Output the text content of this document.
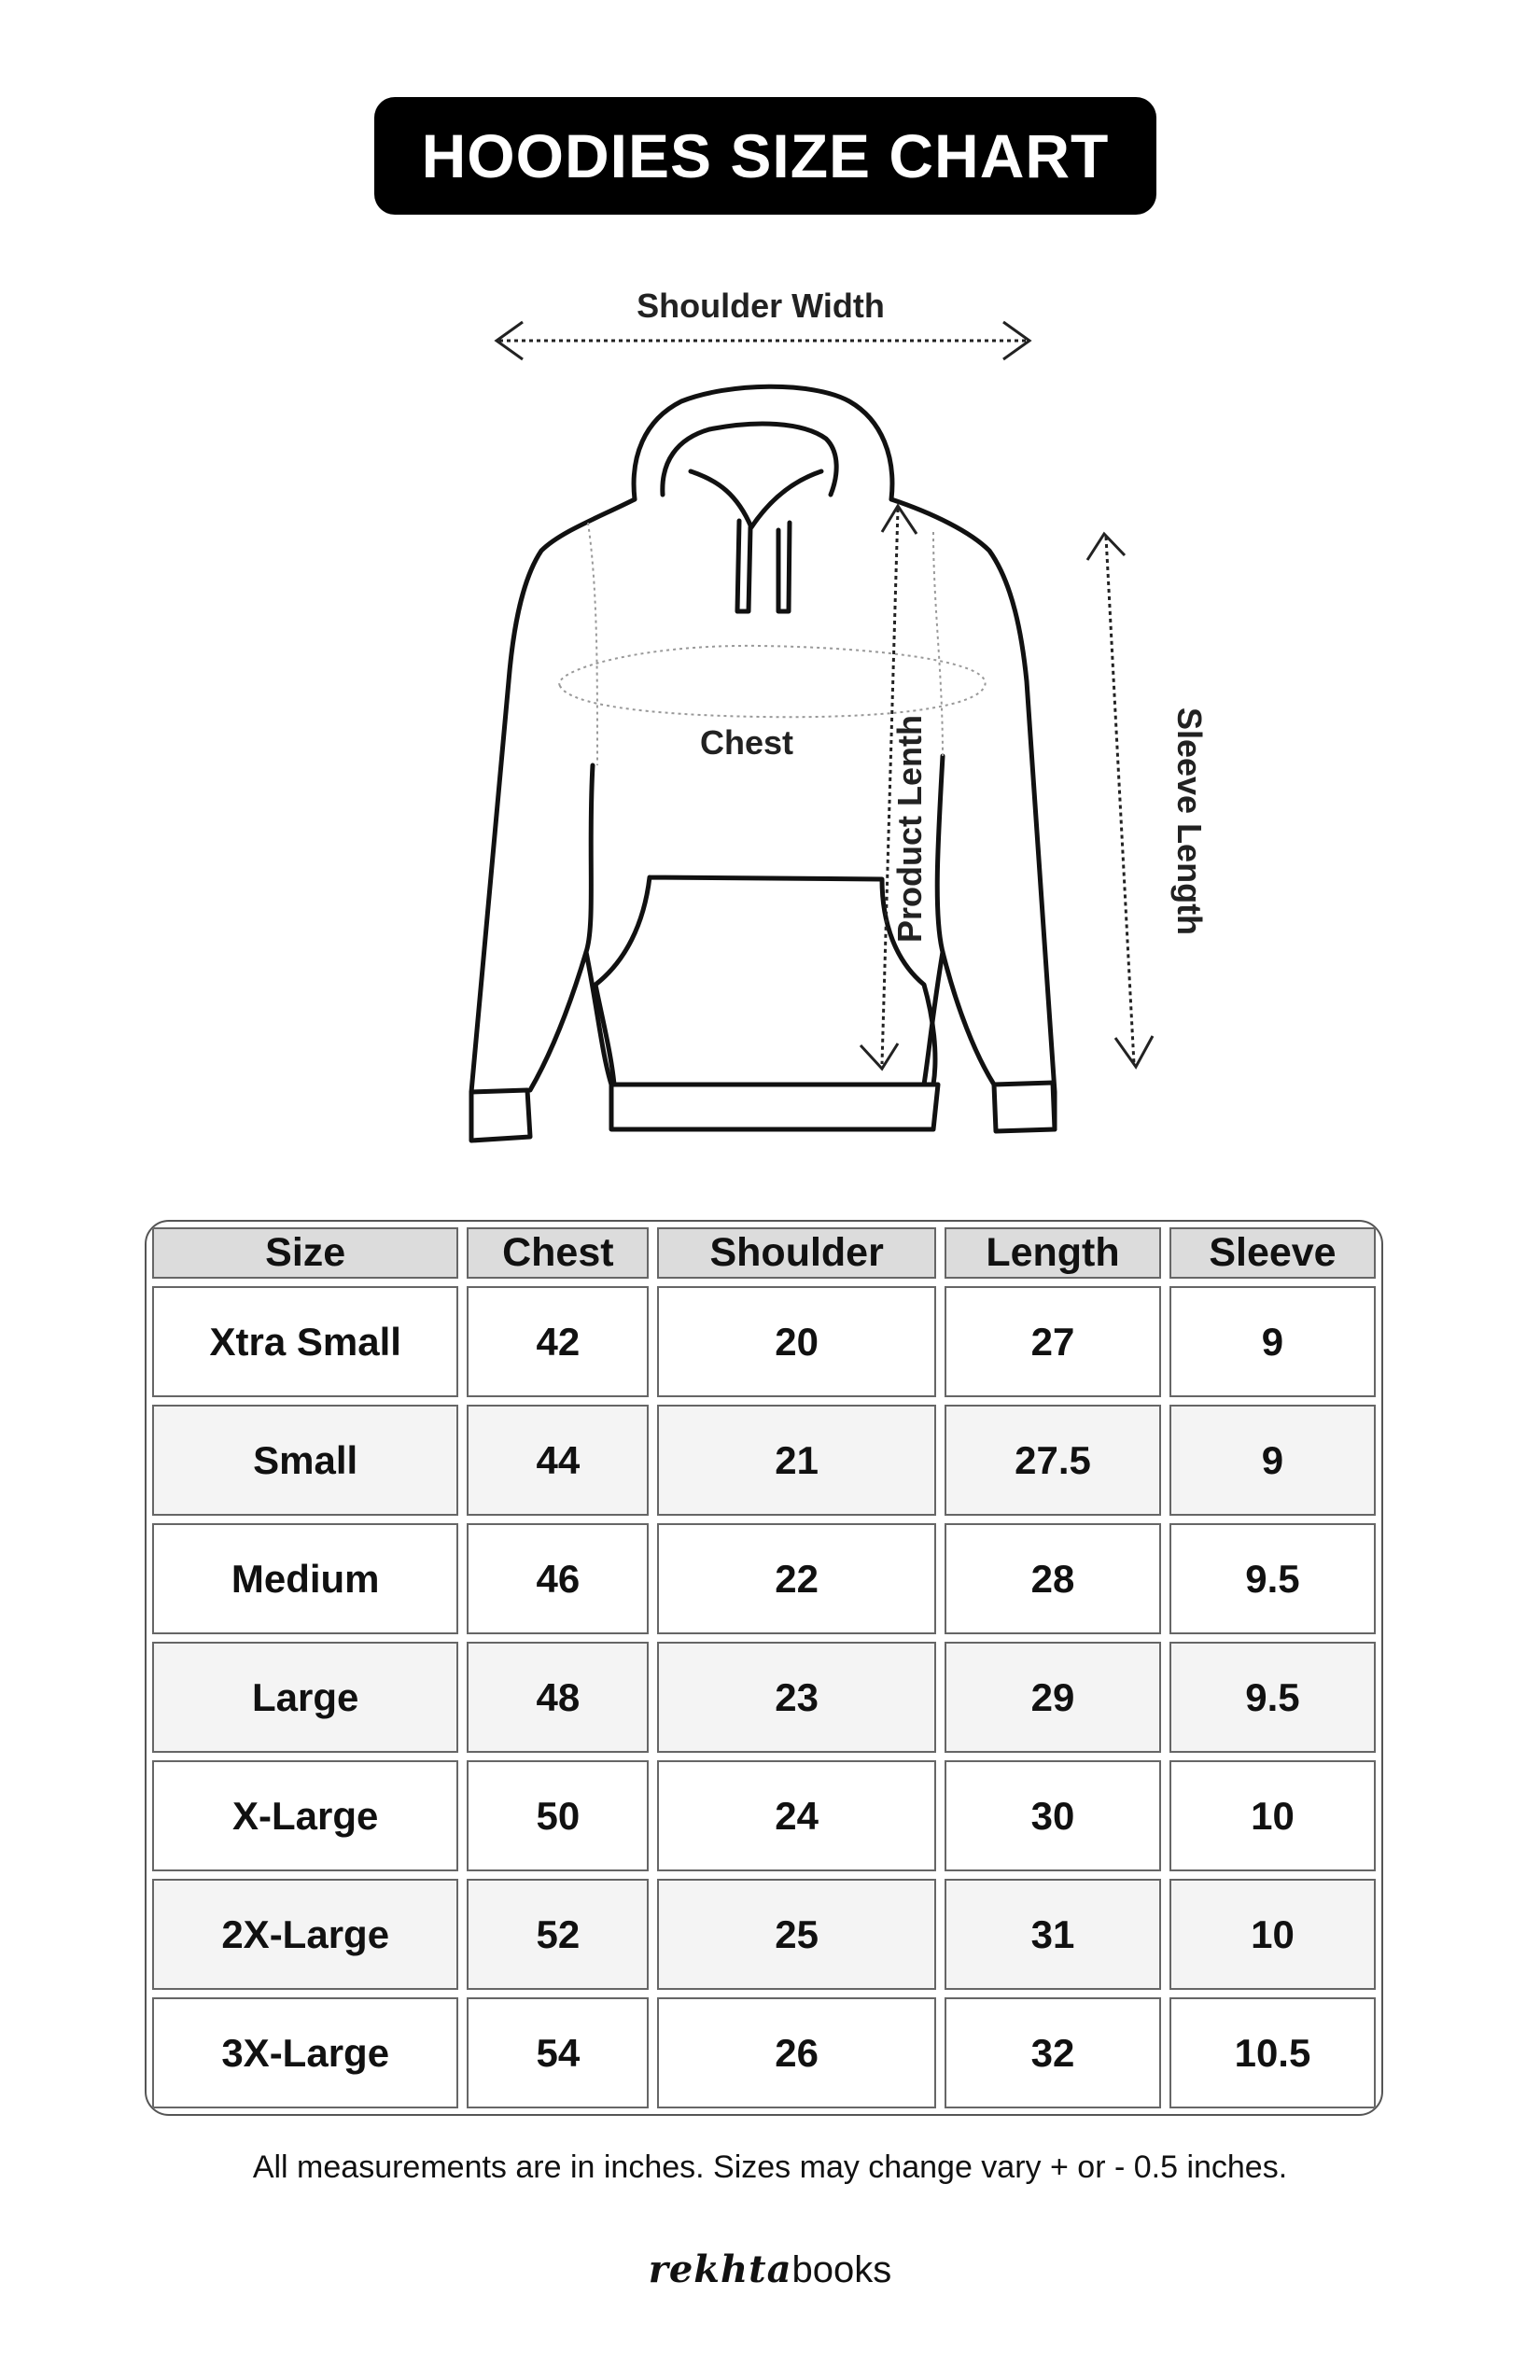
HOODIES SIZE CHART
Shoulder Width
Chest	Product Lenth	Sleeve Length
Size	Chest	Shoulder	Length	Sleeve
Xtra Small	42	20	27	9
Small	44	21	27.5	9
Medium	46	22	28	9.5
Large	48	23	29	9.5
X-Large	50	24	30	10
2X-Large	52	25	31	10
3X-Large	54	26	32	10.5
All measurements are in inches. Sizes may change vary + or - 0.5 inches.
rekhtabooks
